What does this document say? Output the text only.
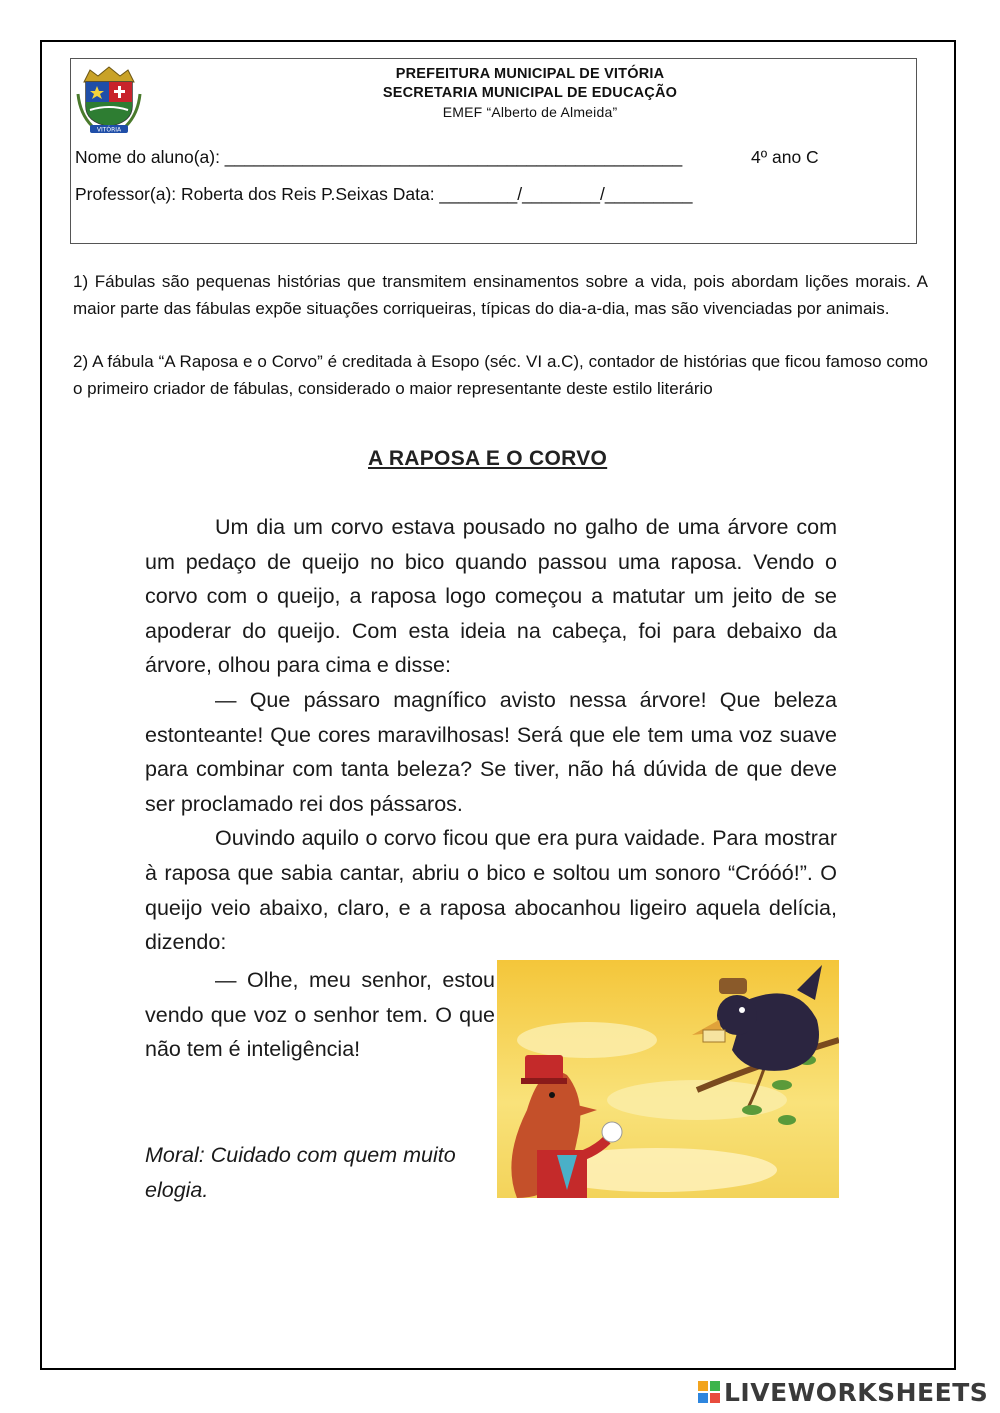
VITÓRIA
PREFEITURA MUNICIPAL DE VITÓRIA
SECRETARIA MUNICIPAL DE EDUCAÇÃO
EMEF “Alberto de Almeida”
Nome do aluno(a): _______________________________________________	4º ano C
Professor(a): Roberta dos Reis P.Seixas Data: ________/________/_________
1) Fábulas são pequenas histórias que transmitem ensinamentos sobre a vida, pois abordam lições morais. A maior parte das fábulas expõe situações corriqueiras, típicas do dia-a-dia, mas são vivenciadas por animais.
2) A fábula “A Raposa e o Corvo” é creditada à Esopo (séc. VI a.C), contador de histórias que ficou famoso como o primeiro criador de fábulas, considerado o maior representante deste estilo literário
A RAPOSA E O CORVO

Um dia um corvo estava pousado no galho de uma árvore com um pedaço de queijo no bico quando passou uma raposa. Vendo o corvo com o queijo, a raposa logo começou a matutar um jeito de se apoderar do queijo. Com esta ideia na cabeça, foi para debaixo da árvore, olhou para cima e disse:

— Que pássaro magnífico avisto nessa árvore! Que beleza estonteante! Que cores maravilhosas! Será que ele tem uma voz suave para combinar com tanta beleza? Se tiver, não há dúvida de que deve ser proclamado rei dos pássaros.

Ouvindo aquilo o corvo ficou que era pura vaidade. Para mostrar à raposa que sabia cantar, abriu o bico e soltou um sonoro “Cróóó!”. O queijo veio abaixo, claro, e a raposa abocanhou ligeiro aquela delícia, dizendo:

— Olhe, meu senhor, estou vendo que voz o senhor tem. O que não tem é inteligência!
Moral: Cuidado com quem muito elogia.
LIVEWORKSHEETS
